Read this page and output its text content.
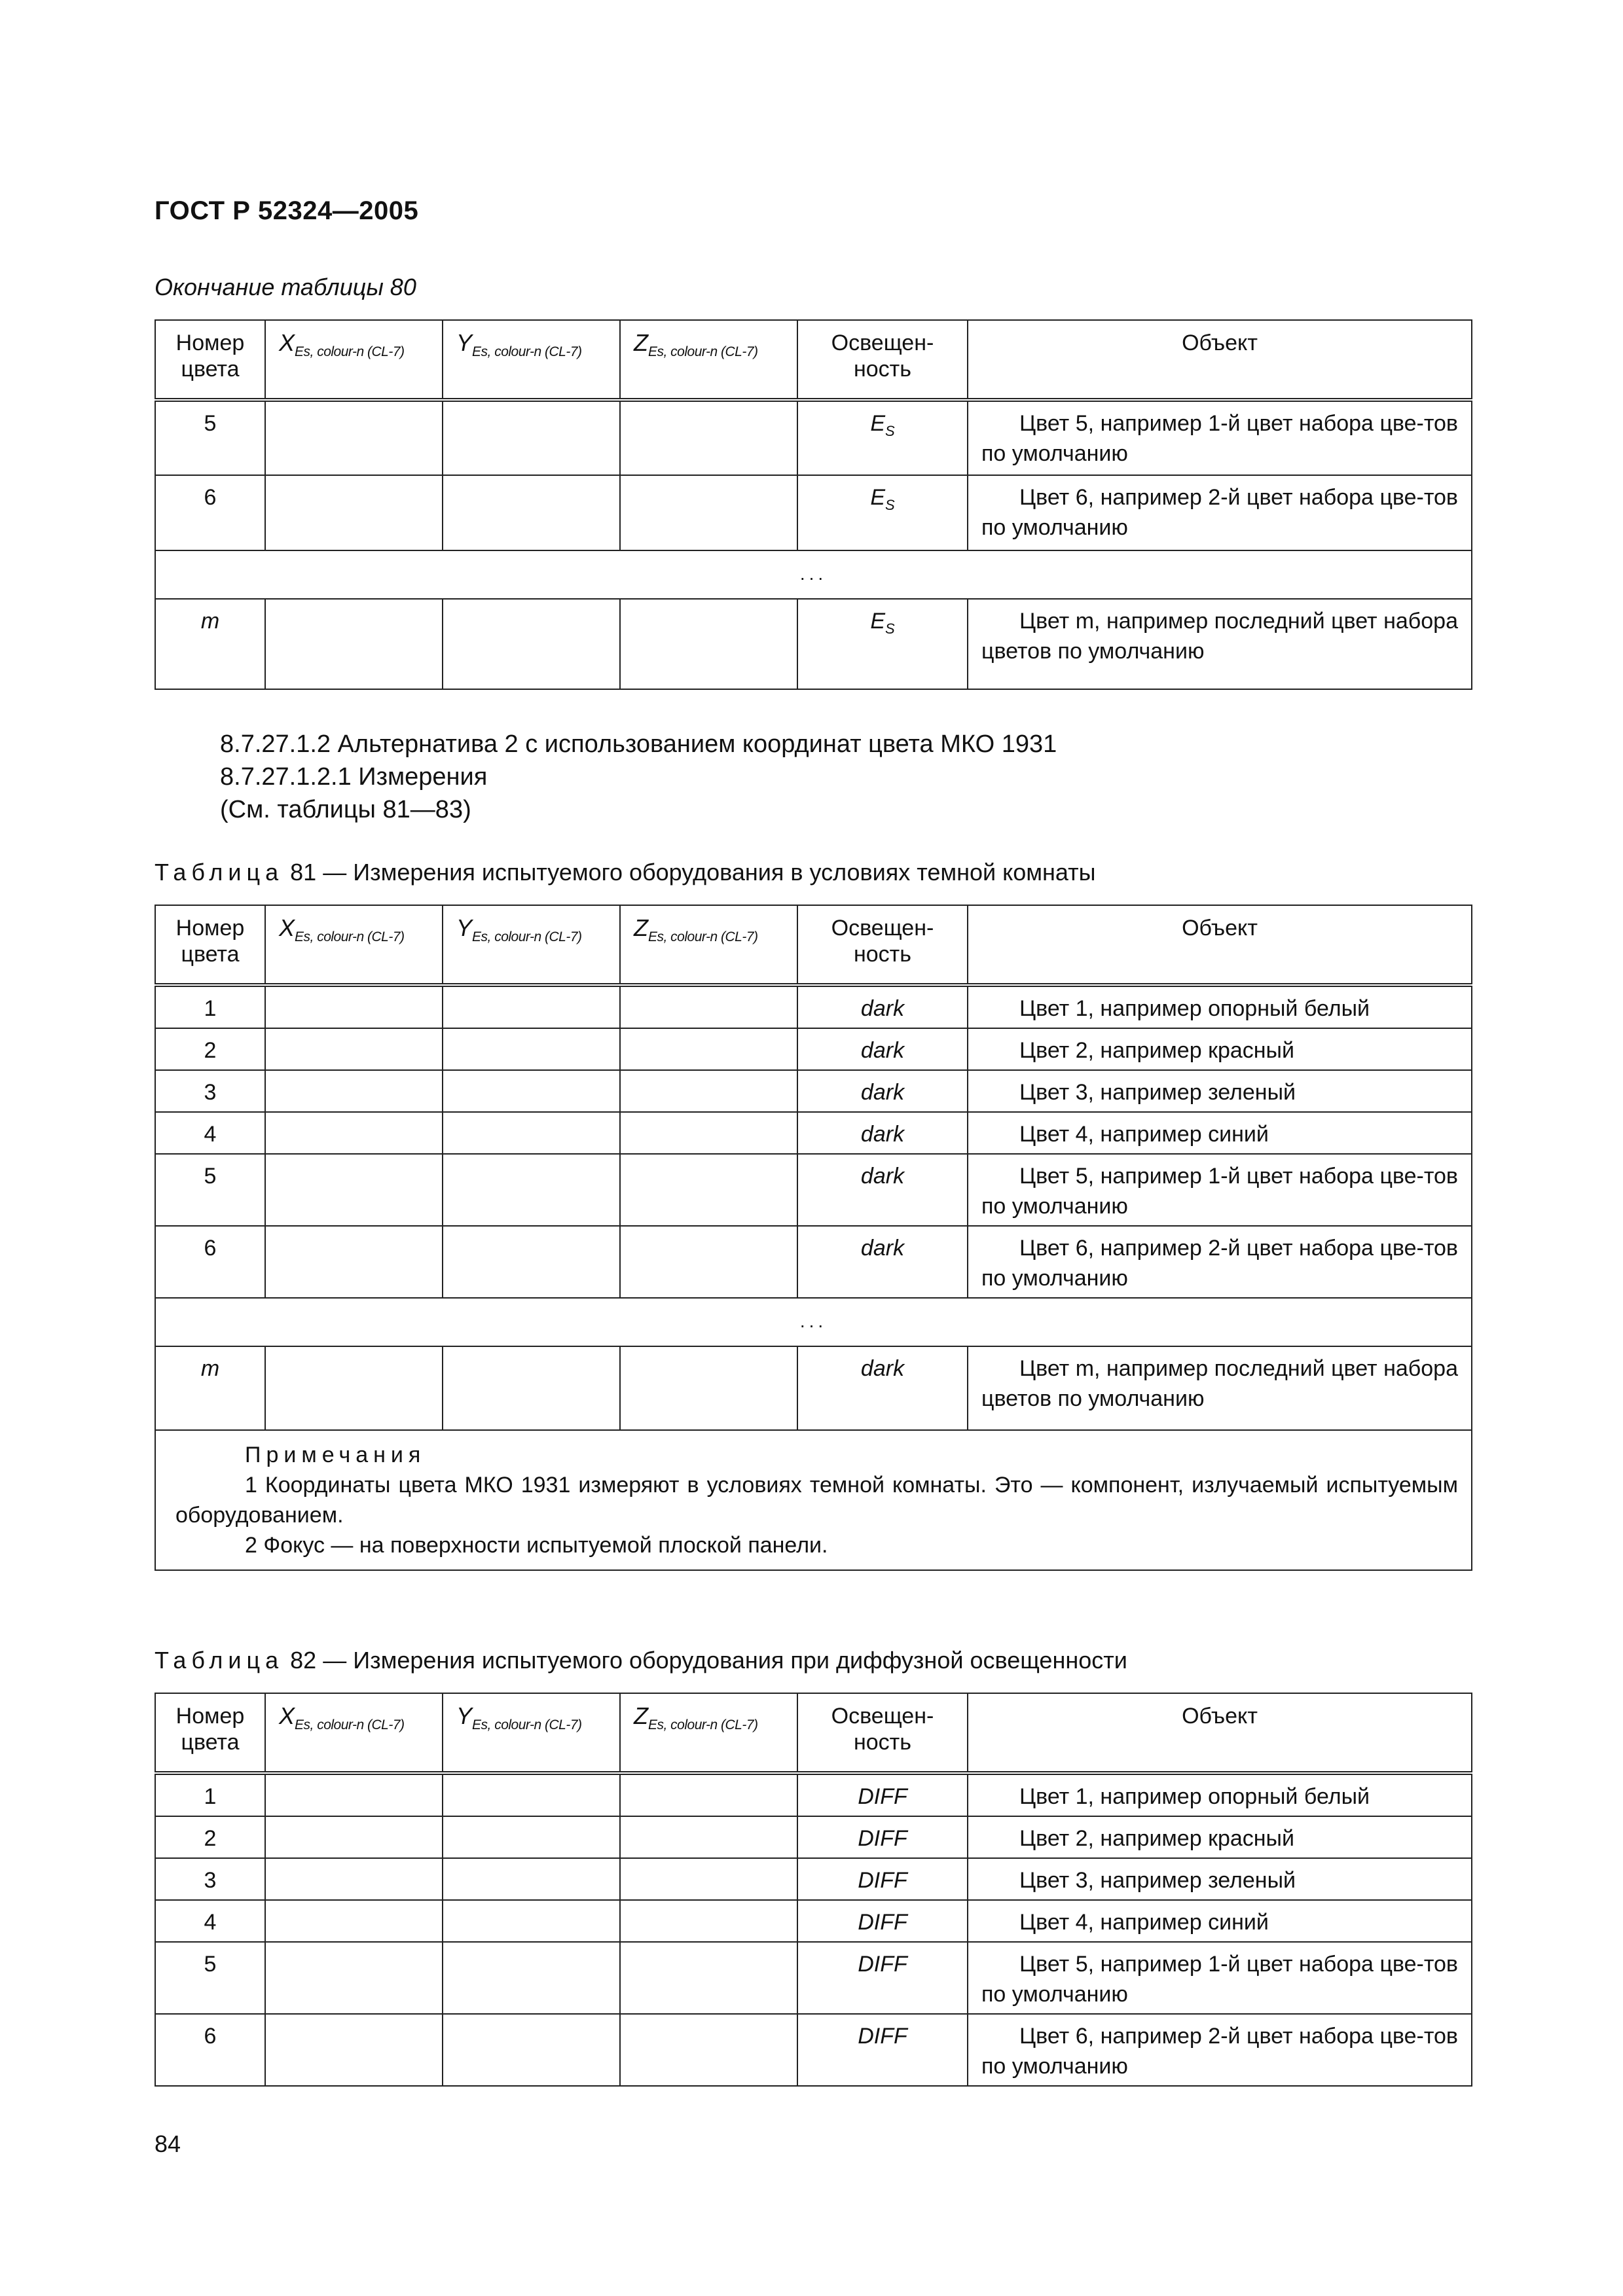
ГОСТ Р 52324—2005
Окончание таблицы 80
Номер цвета	$X_{Es, colour-n (CL-7)}$	$Y_{Es, colour-n (CL-7)}$	$Z_{Es, colour-n (CL-7)}$	Освещен-ность	Объект
5				$E_S$	Цвет 5, например 1-й цвет набора цве-тов по умолчанию
6				$E_S$	Цвет 6, например 2-й цвет набора цве-тов по умолчанию
...					
m				$E_S$	Цвет m, например последний цвет набора цветов по умолчанию
8.7.27.1.2 Альтернатива 2 с использованием координат цвета МКО 1931
8.7.27.1.2.1 Измерения
(См. таблицы 81—83)
Таблица 81 — Измерения испытуемого оборудования в условиях темной комнаты
Номер цвета	$X_{Es, colour-n (CL-7)}$	$Y_{Es, colour-n (CL-7)}$	$Z_{Es, colour-n (CL-7)}$	Освещен-ность	Объект
1				dark	Цвет 1, например опорный белый
2				dark	Цвет 2, например красный
3				dark	Цвет 3, например зеленый
4				dark	Цвет 4, например синий
5				dark	Цвет 5, например 1-й цвет набора цве-тов по умолчанию
6				dark	Цвет 6, например 2-й цвет набора цве-тов по умолчанию
...					
m				dark	Цвет m, например последний цвет набора цветов по умолчанию

Примечания
1 Координаты цвета МКО 1931 измеряют в условиях темной комнаты. Это — компонент, излучаемый испытуемым оборудованием.
2 Фокус — на поверхности испытуемой плоской панели.					
Таблица 82 — Измерения испытуемого оборудования при диффузной освещенности
Номер цвета	$X_{Es, colour-n (CL-7)}$	$Y_{Es, colour-n (CL-7)}$	$Z_{Es, colour-n (CL-7)}$	Освещен-ность	Объект
1				DIFF	Цвет 1, например опорный белый
2				DIFF	Цвет 2, например красный
3				DIFF	Цвет 3, например зеленый
4				DIFF	Цвет 4, например синий
5				DIFF	Цвет 5, например 1-й цвет набора цве-тов по умолчанию
6				DIFF	Цвет 6, например 2-й цвет набора цве-тов по умолчанию
84
